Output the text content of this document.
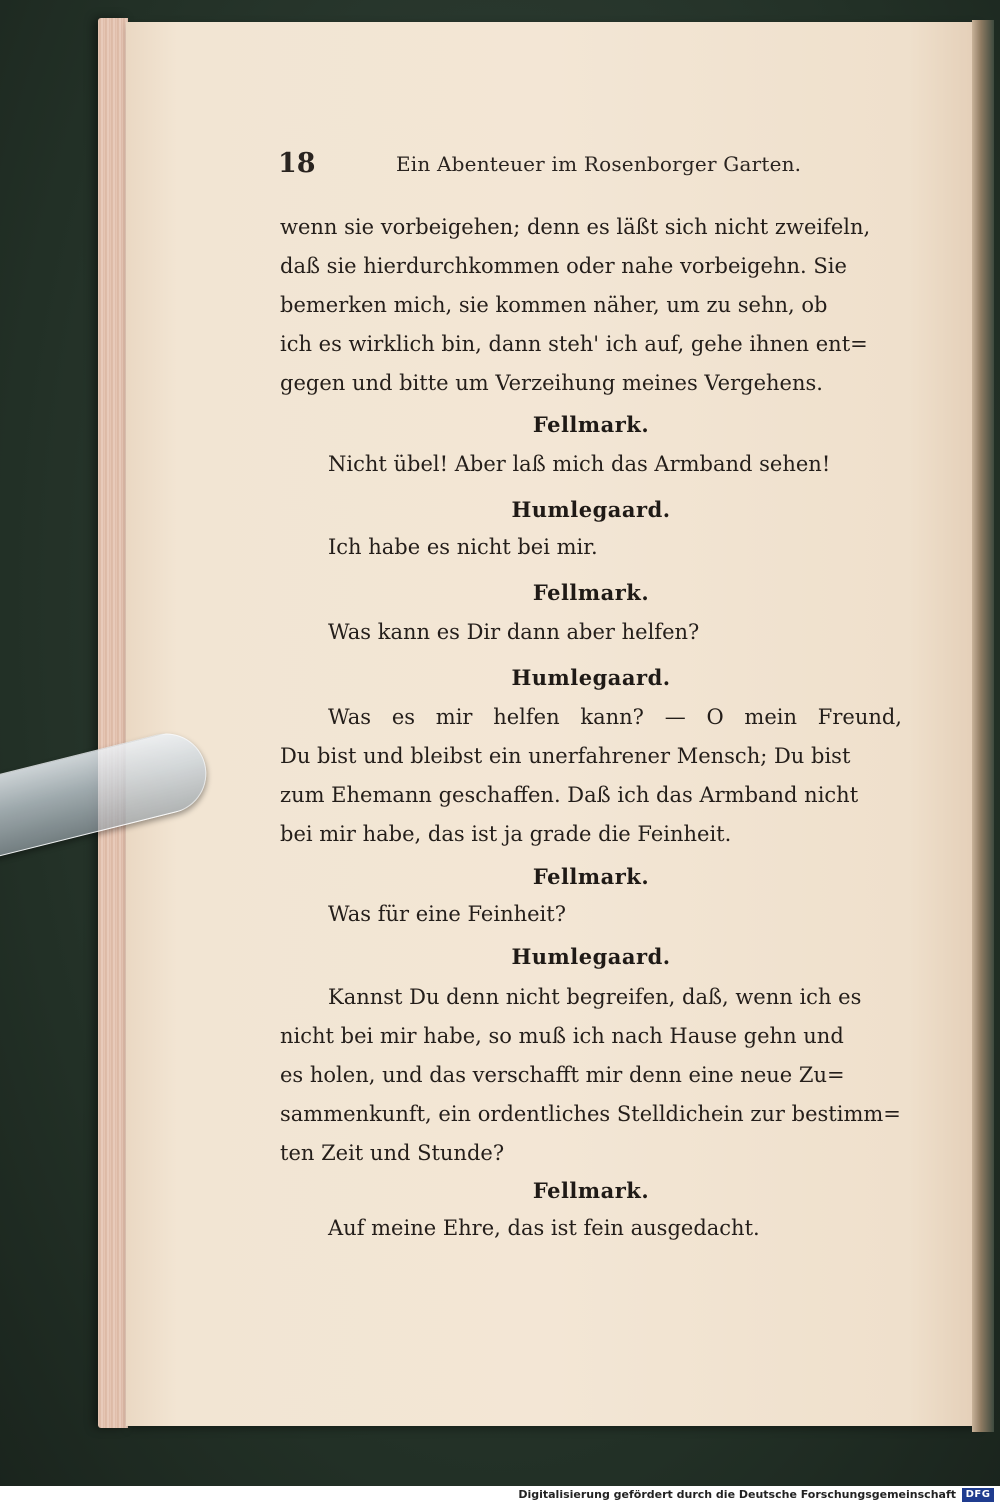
18	Ein Abenteuer im Rosenborger Garten.
wenn sie vorbeigehen; denn es läßt sich nicht zweifeln,
daß sie hierdurchkommen oder nahe vorbeigehn. Sie
bemerken mich, sie kommen näher, um zu sehn, ob
ich es wirklich bin, dann steh' ich auf, gehe ihnen ent=
gegen und bitte um Verzeihung meines Vergehens.
Fellmark.
Nicht übel! Aber laß mich das Armband sehen!
Humlegaard.
Ich habe es nicht bei mir.
Fellmark.
Was kann es Dir dann aber helfen?
Humlegaard.
Was es mir helfen kann? — O mein Freund,
Du bist und bleibst ein unerfahrener Mensch; Du bist
zum Ehemann geschaffen. Daß ich das Armband nicht
bei mir habe, das ist ja grade die Feinheit.
Fellmark.
Was für eine Feinheit?
Humlegaard.
Kannst Du denn nicht begreifen, daß, wenn ich es
nicht bei mir habe, so muß ich nach Hause gehn und
es holen, und das verschafft mir denn eine neue Zu=
sammenkunft, ein ordentliches Stelldichein zur bestimm=
ten Zeit und Stunde?
Fellmark.
Auf meine Ehre, das ist fein ausgedacht.
Digitalisierung gefördert durch die Deutsche Forschungsgemeinschaft DFG
